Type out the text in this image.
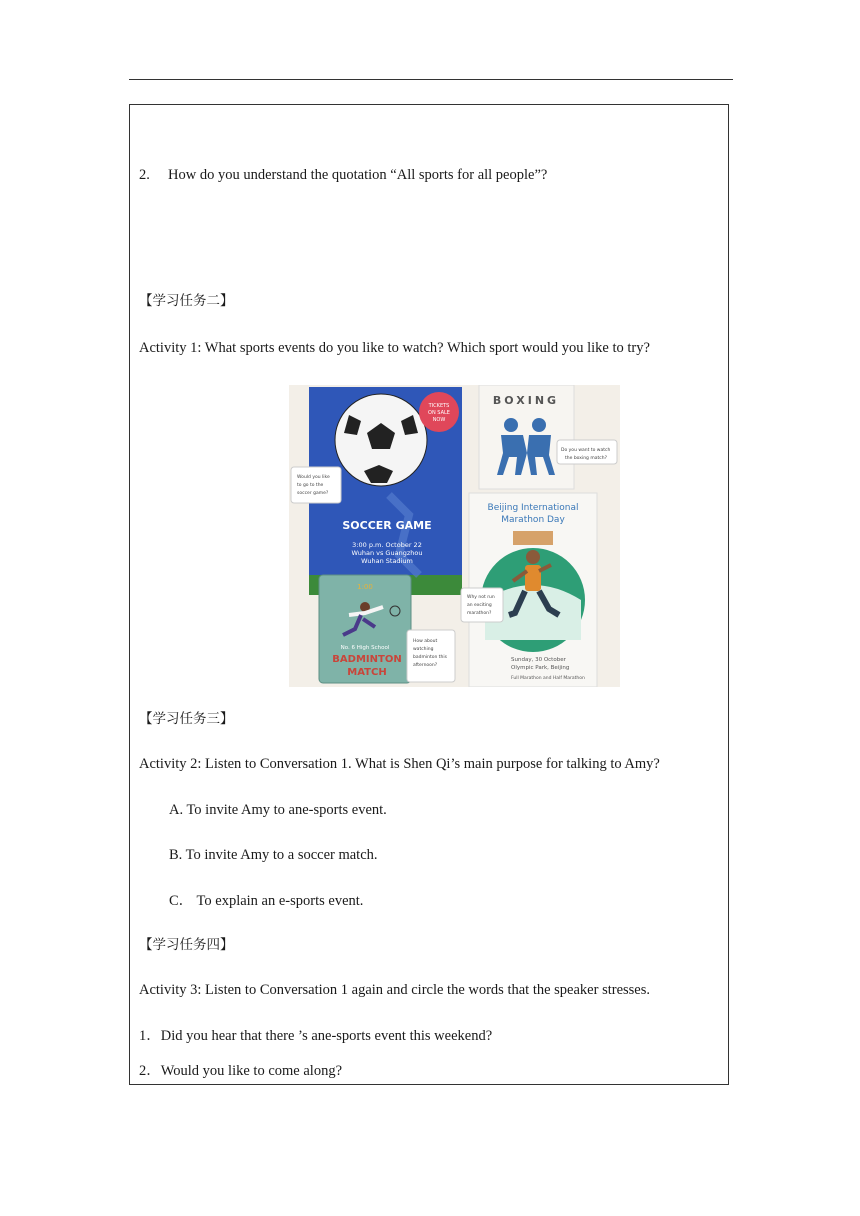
2. How do you understand the quotation “All sports for all people”?
【学习任务二】
Activity 1: What sports events do you like to watch? Which sport would you like to try?
TICKETS
ON SALE
NOW
SOCCER GAME
3:00 p.m. October 22
Wuhan vs Guangzhou
Wuhan Stadium
Would you like
to go to the
soccer game?
BOXING
Do you want to watch
the boxing match?
Beijing International
Marathon Day
Sunday, 30 October
Olympic Park, Beijing
Full Marathon and Half Marathon
Why not run
an exciting
marathon?
1:00
No. 6 High School
BADMINTON
MATCH
How about
watching
badminton this
afternoon?
【学习任务三】
Activity 2: Listen to Conversation 1. What is Shen Qi’s main purpose for talking to Amy?
A. To invite Amy to ane-sports event.
B. To invite Amy to a soccer match.
C． To explain an e-sports event.
【学习任务四】
Activity 3: Listen to Conversation 1 again and circle the words that the speaker stresses.
1．Did you hear that there ’s ane-sports event this weekend?
2．Would you like to come along?
